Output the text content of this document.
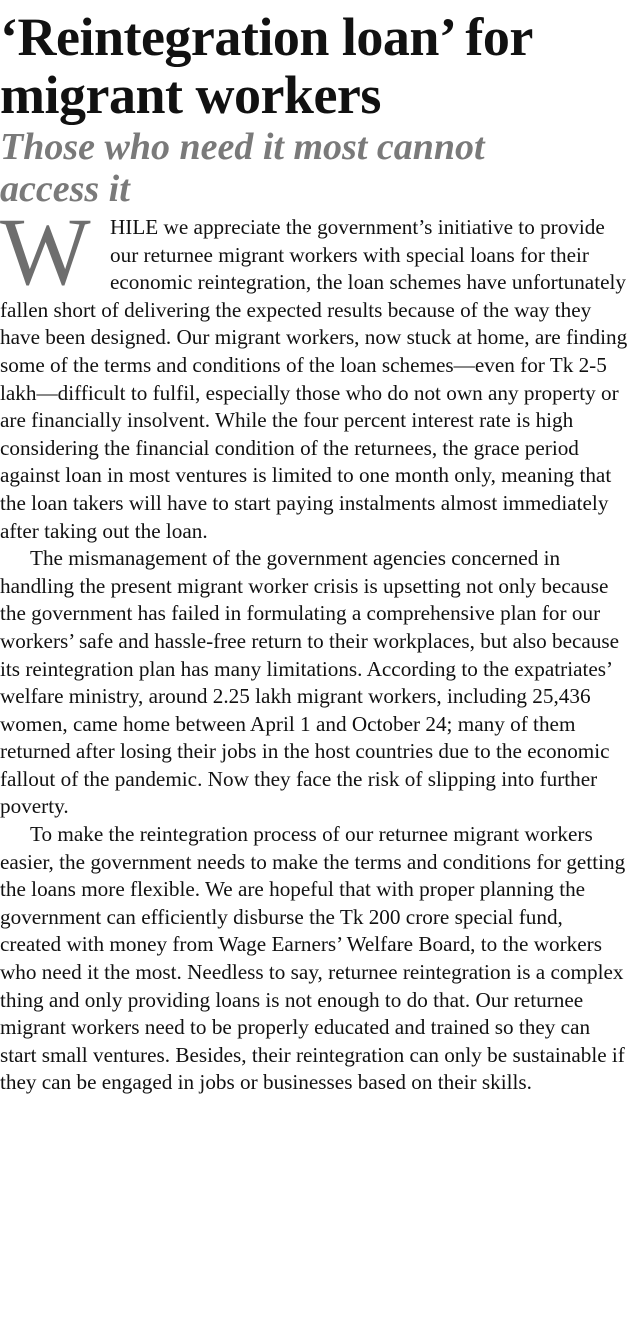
‘Reintegration loan’ for migrant workers
Those who need it most cannot access it

WHILE we appreciate the government’s initiative to provide our returnee migrant workers with special loans for their economic reintegration, the loan schemes have unfortunately fallen short of delivering the expected results because of the way they have been designed. Our migrant workers, now stuck at home, are finding some of the terms and conditions of the loan schemes—even for Tk 2-5 lakh—difficult to fulfil, especially those who do not own any property or are financially insolvent. While the four percent interest rate is high considering the financial condition of the returnees, the grace period against loan in most ventures is limited to one month only, meaning that the loan takers will have to start paying instalments almost immediately after taking out the loan.

The mismanagement of the government agencies concerned in handling the present migrant worker crisis is upsetting not only because the government has failed in formulating a comprehensive plan for our workers’ safe and hassle-free return to their workplaces, but also because its reintegration plan has many limitations. According to the expatriates’ welfare ministry, around 2.25 lakh migrant workers, including 25,436 women, came home between April 1 and October 24; many of them returned after losing their jobs in the host countries due to the economic fallout of the pandemic. Now they face the risk of slipping into further poverty.

To make the reintegration process of our returnee migrant workers easier, the government needs to make the terms and conditions for getting the loans more flexible. We are hopeful that with proper planning the government can efficiently disburse the Tk 200 crore special fund, created with money from Wage Earners’ Welfare Board, to the workers who need it the most. Needless to say, returnee reintegration is a complex thing and only providing loans is not enough to do that. Our returnee migrant workers need to be properly educated and trained so they can start small ventures. Besides, their reintegration can only be sustainable if they can be engaged in jobs or businesses based on their skills.
